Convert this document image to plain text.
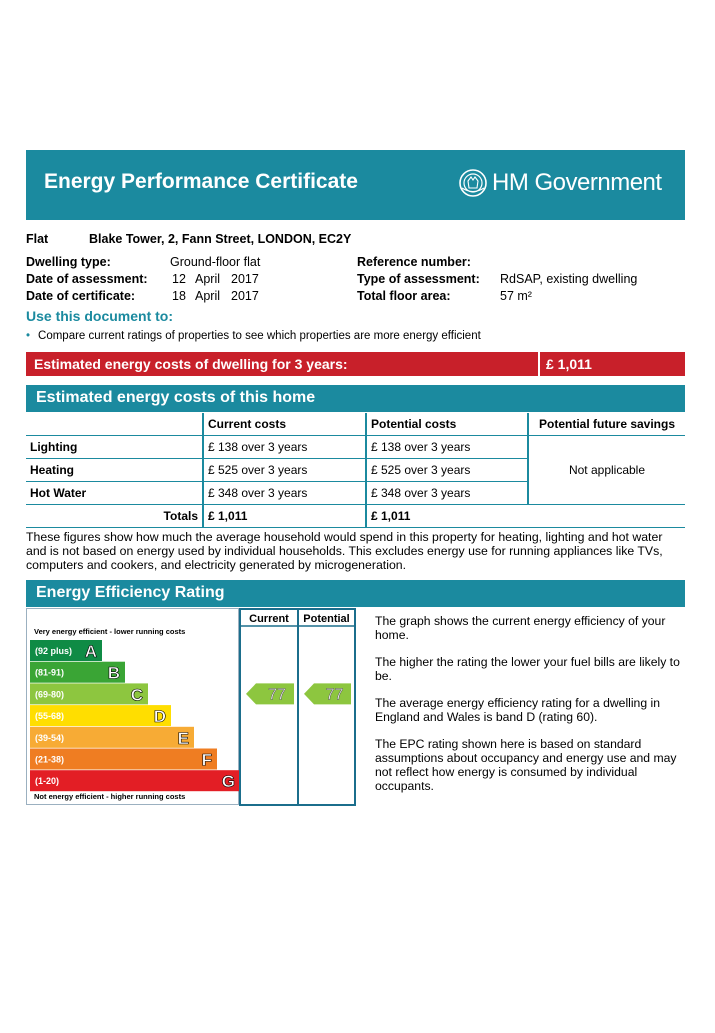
Energy Performance Certificate	HM Government
Flat	Blake Tower, 2, Fann Street, LONDON, EC2Y
Dwelling type:	Ground-floor flat
Date of assessment: 12 April 2017
Date of certificate:	18 April 2017
Reference number:
Type of assessment: RdSAP, existing dwelling
Total floor area:	57 m²
Use this document to:
• Compare current ratings of properties to see which properties are more energy efficient
Estimated energy costs of dwelling for 3 years:	£ 1,011
Estimated energy costs of this home
	Current costs	Potential costs	Potential future savings
Lighting	£ 138 over 3 years	£ 138 over 3 years	Not applicable
Heating	£ 525 over 3 years	£ 525 over 3 years	
Hot Water	£ 348 over 3 years	£ 348 over 3 years	
Totals	£ 1,011	£ 1,011	
These figures show how much the average household would spend in this property for heating, lighting and hot water and is not based on energy used by individual households. This excludes energy use for running appliances like TVs, computers and cookers, and electricity generated by microgeneration.
Energy Efficiency Rating
Very energy efficient - lower running costs
Not energy efficient - higher running costs
(92 plus) A
(81-91)	B
(69-80)	C
(55-68)	D
(39-54)	E
(21-38)	F
(1-20)	G
Current Potential
77 77

The graph shows the current energy efficiency of your home.

The higher the rating the lower your fuel bills are likely to be.

The average energy efficiency rating for a dwelling in England and Wales is band D (rating 60).

The EPC rating shown here is based on standard assumptions about occupancy and energy use and may not reflect how energy is consumed by individual occupants.
